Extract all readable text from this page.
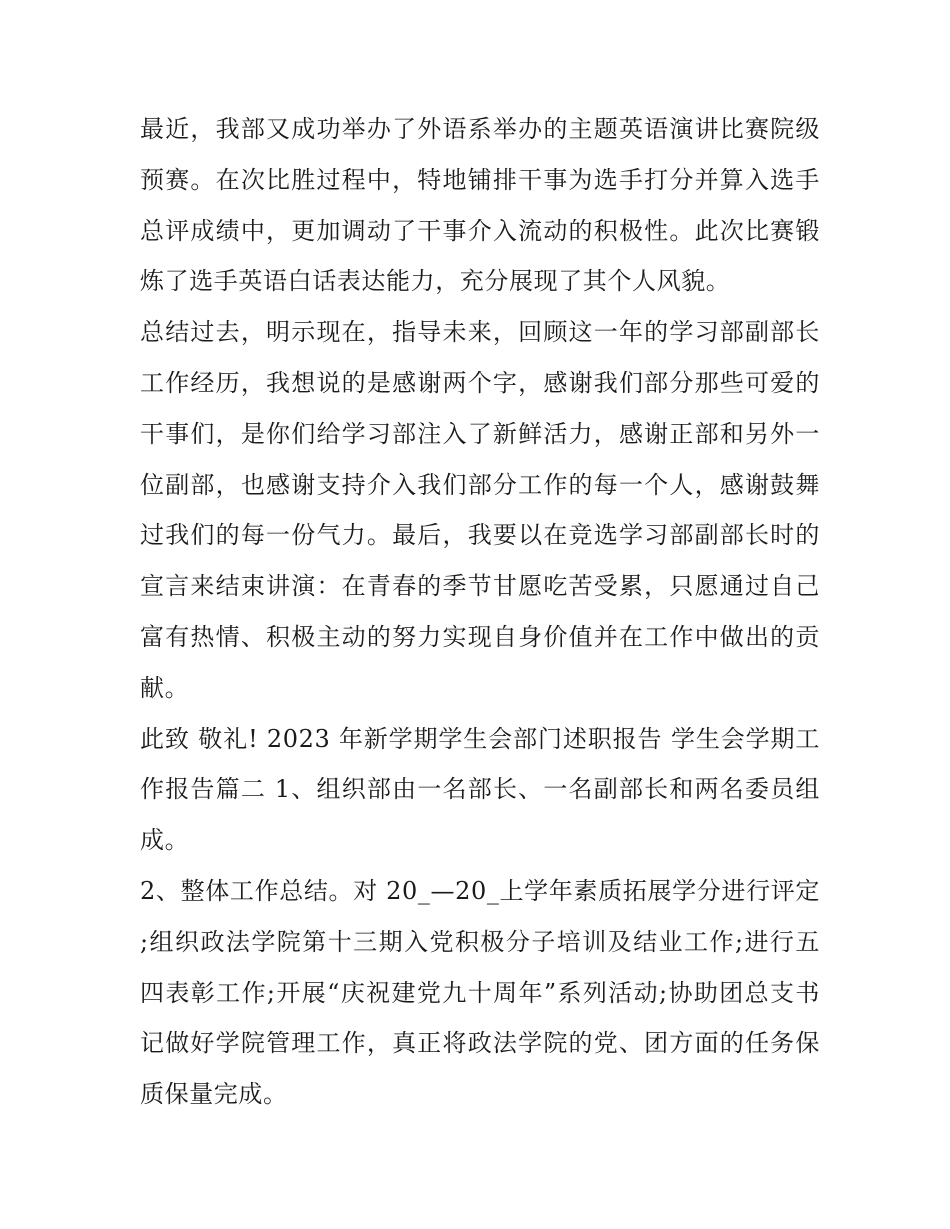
最近，我部又成功举办了外语系举办的主题英语演讲比赛院级预赛。在次比胜过程中，特地铺排干事为选手打分并算入选手总评成绩中，更加调动了干事介入流动的积极性。此次比赛锻炼了选手英语白话表达能力，充分展现了其个人风貌。

总结过去，明示现在，指导未来，回顾这一年的学习部副部长工作经历，我想说的是感谢两个字，感谢我们部分那些可爱的干事们，是你们给学习部注入了新鲜活力，感谢正部和另外一位副部，也感谢支持介入我们部分工作的每一个人，感谢鼓舞过我们的每一份气力。最后，我要以在竞选学习部副部长时的宣言来结束讲演：在青春的季节甘愿吃苦受累，只愿通过自己富有热情、积极主动的努力实现自身价值并在工作中做出的贡献。

此致 敬礼! 2023 年新学期学生会部门述职报告 学生会学期工作报告篇二 1、组织部由一名部长、一名副部长和两名委员组成。

2、整体工作总结。对 20_—20_上学年素质拓展学分进行评定;组织政法学院第十三期入党积极分子培训及结业工作;进行五四表彰工作;开展“庆祝建党九十周年”系列活动;协助团总支书记做好学院管理工作，真正将政法学院的党、团方面的任务保质保量完成。
